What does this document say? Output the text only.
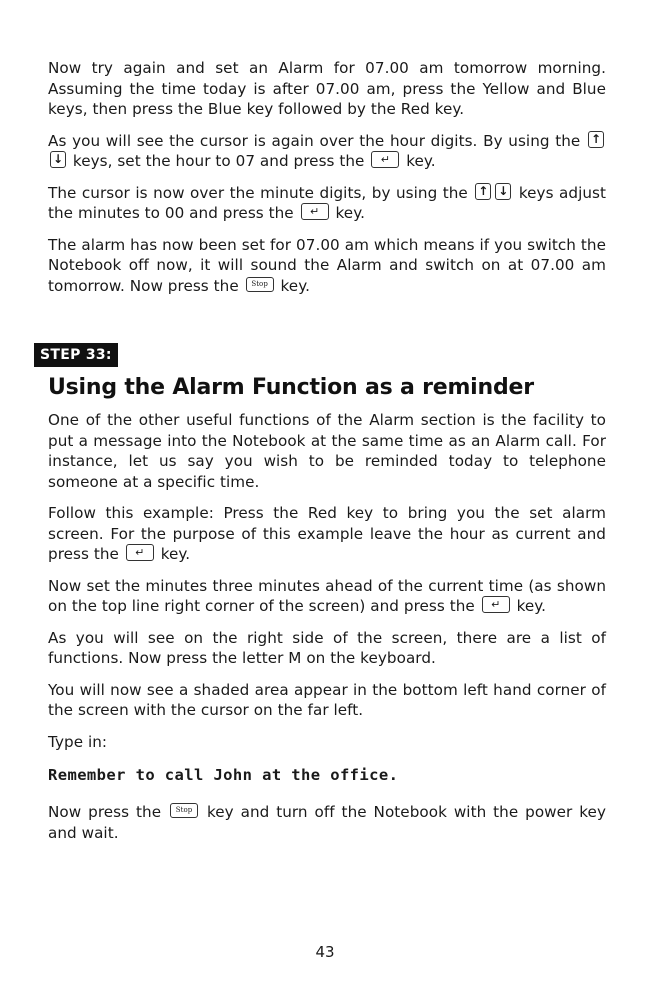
Now try again and set an Alarm for 07.00 am tomorrow morning. Assuming the time today is after 07.00 am, press the Yellow and Blue keys, then press the Blue key followed by the Red key.

As you will see the cursor is again over the hour digits. By using the ↑↓ keys, set the hour to 07 and press the ↵ key.

The cursor is now over the minute digits, by using the ↑ ↓ keys adjust the minutes to 00 and press the ↵ key.

The alarm has now been set for 07.00 am which means if you switch the Notebook off now, it will sound the Alarm and switch on at 07.00 am tomorrow. Now press the Stop key.

STEP 33:
Using the Alarm Function as a reminder

One of the other useful functions of the Alarm section is the facility to put a message into the Notebook at the same time as an Alarm call. For instance, let us say you wish to be reminded today to telephone someone at a specific time.

Follow this example: Press the Red key to bring you the set alarm screen. For the purpose of this example leave the hour as current and press the ↵ key.

Now set the minutes three minutes ahead of the current time (as shown on the top line right corner of the screen) and press the ↵ key.

As you will see on the right side of the screen, there are a list of functions. Now press the letter M on the keyboard.

You will now see a shaded area appear in the bottom left hand corner of the screen with the cursor on the far left.

Type in:

Remember to call John at the office.

Now press the Stop key and turn off the Notebook with the power key and wait.

43
